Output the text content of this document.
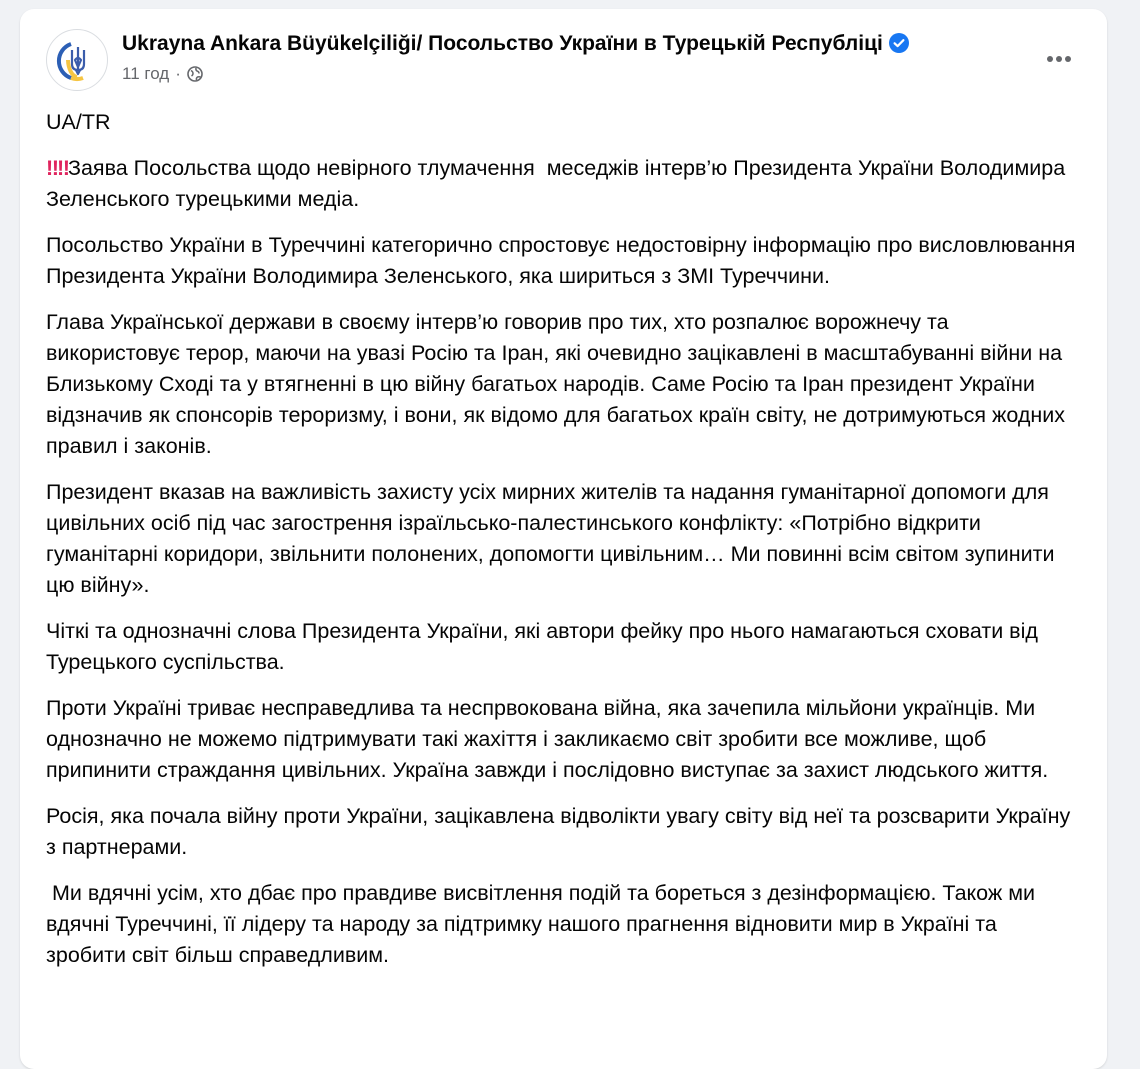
Ukrayna Ankara Büyükelçiliği/ Посольство України в Турецькій Республіці
11 год ·

UA/TR

‼‼Заява Посольства щодо невірного тлумачення  меседжів інтерв’ю Президента України Володимира Зеленського турецькими медіа.

Посольство України в Туреччині категорично спростовує недостовірну інформацію про висловлювання Президента України Володимира Зеленського, яка шириться з ЗМІ Туреччини.

Глава Української держави в своєму інтерв’ю говорив про тих, хто розпалює ворожнечу та використовує терор, маючи на увазі Росію та Іран, які очевидно зацікавлені в масштабуванні війни на Близькому Сході та у втягненні в цю війну багатьох народів. Саме Росію та Іран президент України відзначив як спонсорів тероризму, і вони, як відомо для багатьох країн світу, не дотримуються жодних правил і законів.

Президент вказав на важливість захисту усіх мирних жителів та надання гуманітарної допомоги для цивільних осіб під час загострення ізраїльсько-палестинського конфлікту: «Потрібно відкрити гуманітарні коридори, звільнити полонених, допомогти цивільним… Ми повинні всім світом зупинити цю війну».

Чіткі та однозначні слова Президента України, які автори фейку про нього намагаються сховати від Турецького суспільства.

Проти Україні триває несправедлива та неспрвокована війна, яка зачепила мільйони українців. Ми однозначно не можемо підтримувати такі жахіття і закликаємо світ зробити все можливе, щоб припинити страждання цивільних. Україна завжди і послідовно виступає за захист людського життя.

Росія, яка почала війну проти України, зацікавлена відволікти увагу світу від неї та розсварити Україну з партнерами.

Ми вдячні усім, хто дбає про правдиве висвітлення подій та бореться з дезінформацією. Також ми вдячні Туреччині, її лідеру та народу за підтримку нашого прагнення відновити мир в Україні та зробити світ більш справедливим.
